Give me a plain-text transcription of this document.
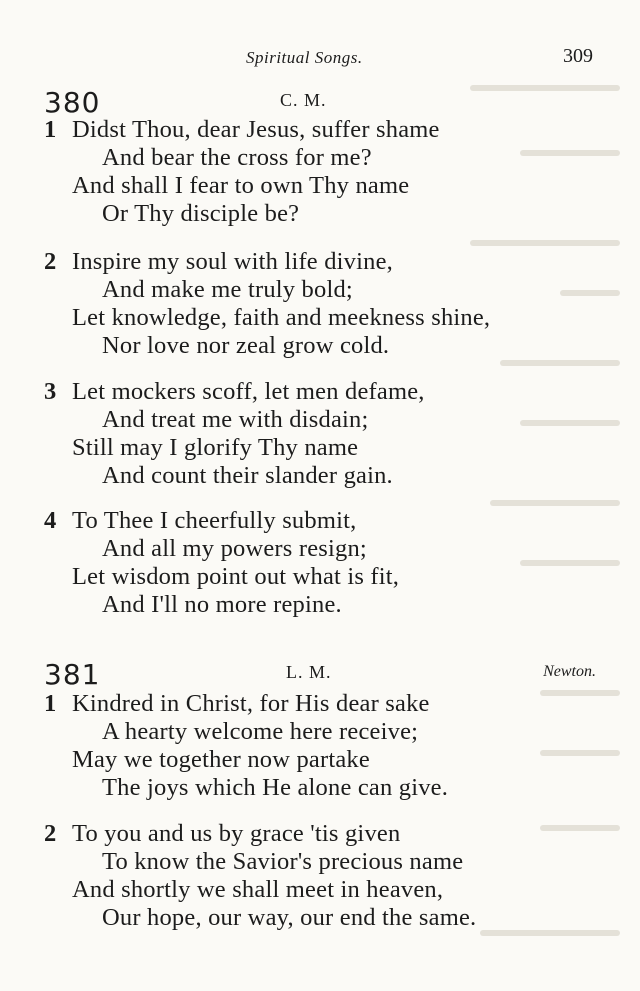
Spiritual Songs.	309
380	C. M.
1 Didst Thou, dear Jesus, suffer shame
And bear the cross for me?
And shall I fear to own Thy name
Or Thy disciple be?
2 Inspire my soul with life divine,
And make me truly bold;
Let knowledge, faith and meekness shine,
Nor love nor zeal grow cold.
3 Let mockers scoff, let men defame,
And treat me with disdain;
Still may I glorify Thy name
And count their slander gain.
4 To Thee I cheerfully submit,
And all my powers resign;
Let wisdom point out what is fit,
And I'll no more repine.
381	L. M.	Newton.
1 Kindred in Christ, for His dear sake
A hearty welcome here receive;
May we together now partake
The joys which He alone can give.
2 To you and us by grace 'tis given
To know the Savior's precious name
And shortly we shall meet in heaven,
Our hope, our way, our end the same.
